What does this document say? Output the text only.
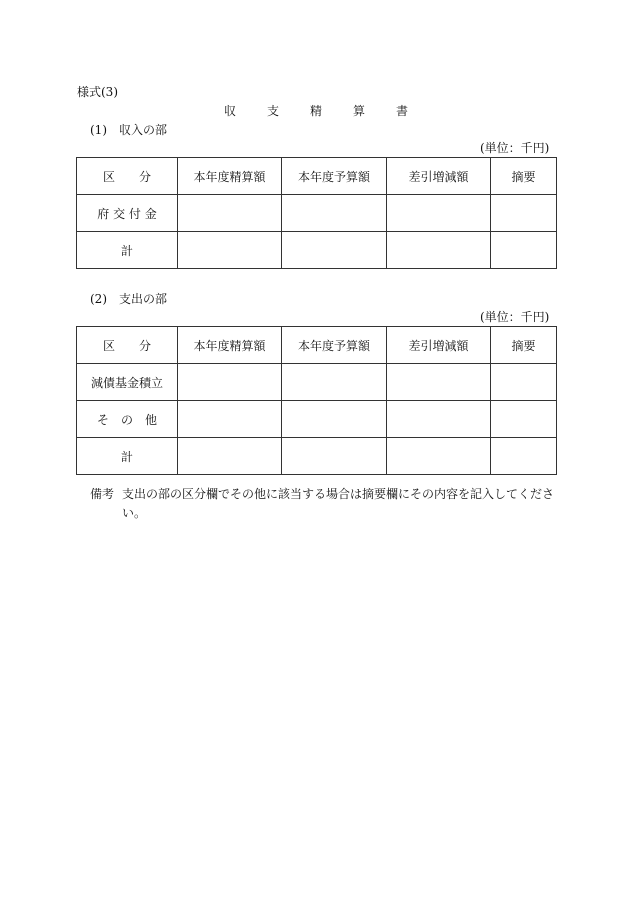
様式(3)
収	支	精	算	書
(1)　収入の部
(単位：千円)
区　　分	本年度精算額	本年度予算額	差引増減額	摘要
府 交 付 金				
計				
(2)　支出の部
(単位：千円)
区　　分	本年度精算額	本年度予算額	差引増減額	摘要
減債基金積立				
そ　の　他				
計				
備考 支出の部の区分欄でその他に該当する場合は摘要欄にその内容を記入してください。
